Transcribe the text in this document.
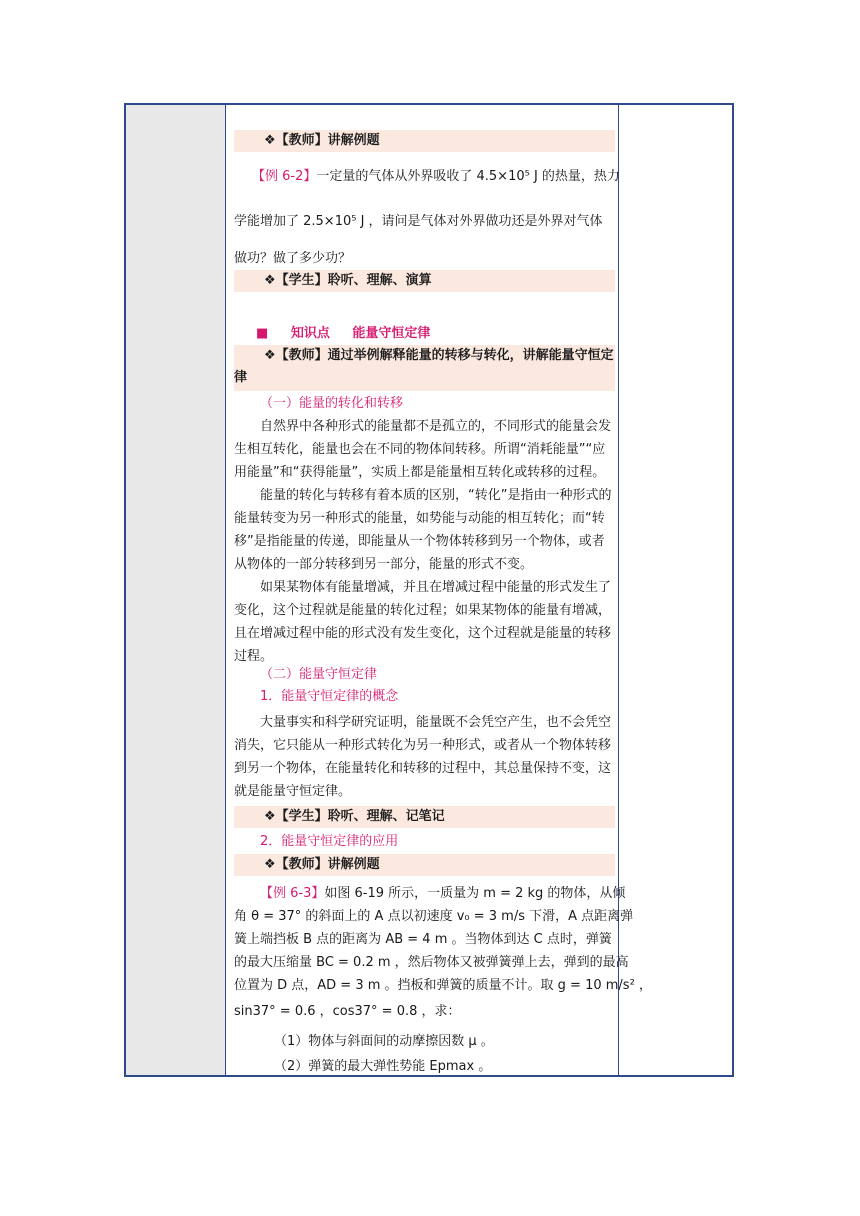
❖【教师】讲解例题
【例 6-2】一定量的气体从外界吸收了 4.5×10⁵ J 的热量，热力
学能增加了 2.5×10⁵ J ，请问是气体对外界做功还是外界对气体
做功？做了多少功？
❖【学生】聆听、理解、演算
■ 知识点 能量守恒定律
❖【教师】通过举例解释能量的转移与转化，讲解能量守恒定律
（一）能量的转化和转移
自然界中各种形式的能量都不是孤立的，不同形式的能量会发生相互转化，能量也会在不同的物体间转移。所谓“消耗能量”“应用能量”和“获得能量”，实质上都是能量相互转化或转移的过程。
能量的转化与转移有着本质的区别，“转化”是指由一种形式的能量转变为另一种形式的能量，如势能与动能的相互转化；而“转移”是指能量的传递，即能量从一个物体转移到另一个物体，或者从物体的一部分转移到另一部分，能量的形式不变。
如果某物体有能量增减，并且在增减过程中能量的形式发生了变化，这个过程就是能量的转化过程；如果某物体的能量有增减，且在增减过程中能的形式没有发生变化，这个过程就是能量的转移过程。
（二）能量守恒定律
1．能量守恒定律的概念
大量事实和科学研究证明，能量既不会凭空产生，也不会凭空消失，它只能从一种形式转化为另一种形式，或者从一个物体转移到另一个物体，在能量转化和转移的过程中，其总量保持不变，这就是能量守恒定律。
❖【学生】聆听、理解、记笔记
2．能量守恒定律的应用
❖【教师】讲解例题
【例 6-3】如图 6-19 所示，一质量为 m = 2 kg 的物体，从倾
角 θ = 37° 的斜面上的 A 点以初速度 v₀ = 3 m/s 下滑，A 点距离弹
簧上端挡板 B 点的距离为 AB = 4 m 。当物体到达 C 点时，弹簧
的最大压缩量 BC = 0.2 m ，然后物体又被弹簧弹上去，弹到的最高
位置为 D 点，AD = 3 m 。挡板和弹簧的质量不计。取 g = 10 m/s² ，
sin37° = 0.6 ，cos37° = 0.8 ，求：
（1）物体与斜面间的动摩擦因数 μ 。
（2）弹簧的最大弹性势能 Epmax 。
